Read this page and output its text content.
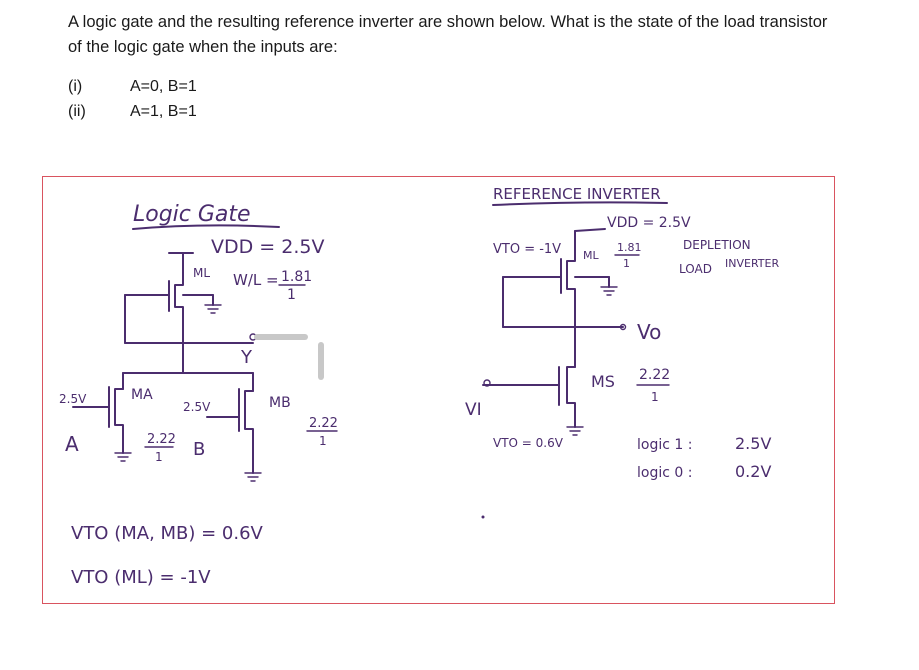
A logic gate and the resulting reference inverter are shown below. What is the state of the load transistor of the logic gate when the inputs are:
(i)	A=0, B=1
(ii)	A=1, B=1
Logic Gate
VDD = 2.5V
ML W/L = 1.81
1
Y
MA
2.5V
A	2.22
1
MB
2.5V
B
2.22
1
VTO (MA, MB) = 0.6V
VTO (ML) = -1V
REFERENCE INVERTER
VDD = 2.5V
VTO = -1V ML
1.81
1
DEPLETION
LOAD INVERTER
Vo
VI
MS
VTO = 0.6V
2.22
1
logic 1 :	2.5V
logic 0 :	0.2V
